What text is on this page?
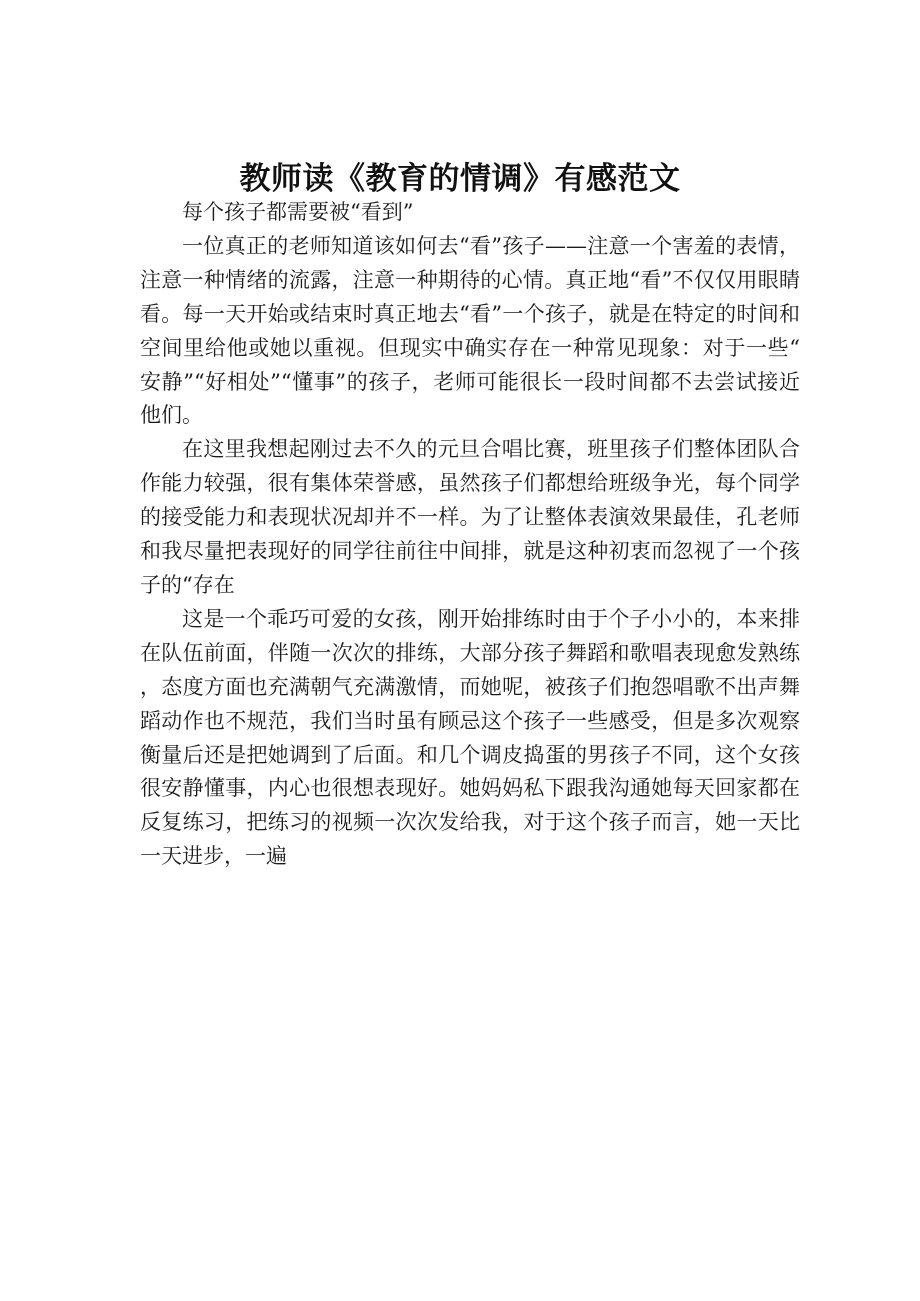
教师读《教育的情调》有感范文

每个孩子都需要被“看到”

一位真正的老师知道该如何去“看”孩子——注意一个害羞的表情，注意一种情绪的流露，注意一种期待的心情。真正地“看”不仅仅用眼睛看。每一天开始或结束时真正地去“看”一个孩子，就是在特定的时间和空间里给他或她以重视。但现实中确实存在一种常见现象：对于一些“安静”“好相处”“懂事”的孩子，老师可能很长一段时间都不去尝试接近他们。

在这里我想起刚过去不久的元旦合唱比赛，班里孩子们整体团队合作能力较强，很有集体荣誉感，虽然孩子们都想给班级争光，每个同学的接受能力和表现状况却并不一样。为了让整体表演效果最佳，孔老师和我尽量把表现好的同学往前往中间排，就是这种初衷而忽视了一个孩子的“存在

这是一个乖巧可爱的女孩，刚开始排练时由于个子小小的，本来排在队伍前面，伴随一次次的排练，大部分孩子舞蹈和歌唱表现愈发熟练，态度方面也充满朝气充满激情，而她呢，被孩子们抱怨唱歌不出声舞蹈动作也不规范，我们当时虽有顾忌这个孩子一些感受，但是多次观察衡量后还是把她调到了后面。和几个调皮捣蛋的男孩子不同，这个女孩很安静懂事，内心也很想表现好。她妈妈私下跟我沟通她每天回家都在反复练习，把练习的视频一次次发给我，对于这个孩子而言，她一天比一天进步，一遍
